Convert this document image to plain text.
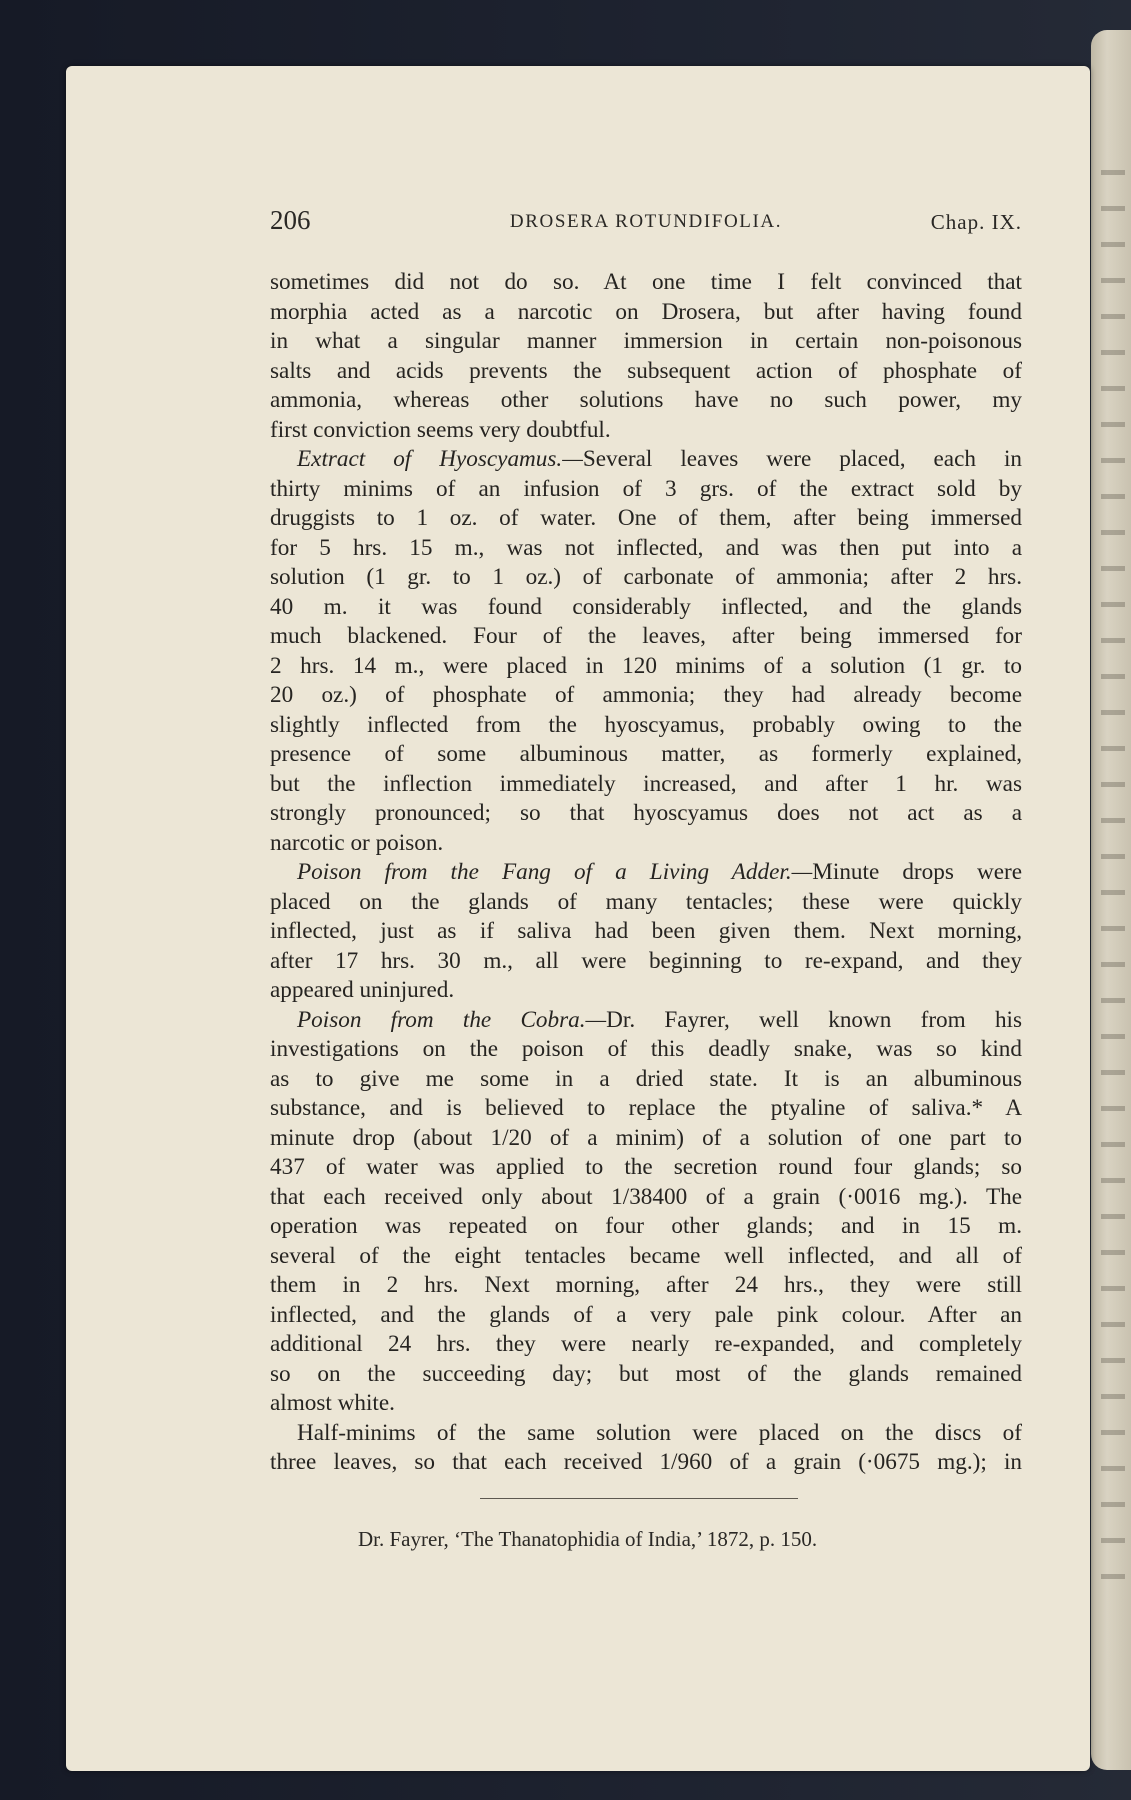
206	DROSERA ROTUNDIFOLIA.	Chap. IX.
sometimes did not do so. At one time I felt convinced that
morphia acted as a narcotic on Drosera, but after having found
in what a singular manner immersion in certain non-poisonous
salts and acids prevents the subsequent action of phosphate of
ammonia, whereas other solutions have no such power, my
first conviction seems very doubtful.
Extract of Hyoscyamus.—Several leaves were placed, each in
thirty minims of an infusion of 3 grs. of the extract sold by
druggists to 1 oz. of water. One of them, after being immersed
for 5 hrs. 15 m., was not inflected, and was then put into a
solution (1 gr. to 1 oz.) of carbonate of ammonia; after 2 hrs.
40 m. it was found considerably inflected, and the glands
much blackened. Four of the leaves, after being immersed for
2 hrs. 14 m., were placed in 120 minims of a solution (1 gr. to
20 oz.) of phosphate of ammonia; they had already become
slightly inflected from the hyoscyamus, probably owing to the
presence of some albuminous matter, as formerly explained,
but the inflection immediately increased, and after 1 hr. was
strongly pronounced; so that hyoscyamus does not act as a
narcotic or poison.
Poison from the Fang of a Living Adder.—Minute drops were
placed on the glands of many tentacles; these were quickly
inflected, just as if saliva had been given them. Next morning,
after 17 hrs. 30 m., all were beginning to re-expand, and they
appeared uninjured.
Poison from the Cobra.—Dr. Fayrer, well known from his
investigations on the poison of this deadly snake, was so kind
as to give me some in a dried state. It is an albuminous
substance, and is believed to replace the ptyaline of saliva.* A
minute drop (about 1/20 of a minim) of a solution of one part to
437 of water was applied to the secretion round four glands; so
that each received only about 1/38400 of a grain (·0016 mg.). The
operation was repeated on four other glands; and in 15 m.
several of the eight tentacles became well inflected, and all of
them in 2 hrs. Next morning, after 24 hrs., they were still
inflected, and the glands of a very pale pink colour. After an
additional 24 hrs. they were nearly re-expanded, and completely
so on the succeeding day; but most of the glands remained
almost white.
Half-minims of the same solution were placed on the discs of
three leaves, so that each received 1/960 of a grain (·0675 mg.); in
Dr. Fayrer, ‘The Thanatophidia of India,’ 1872, p. 150.
